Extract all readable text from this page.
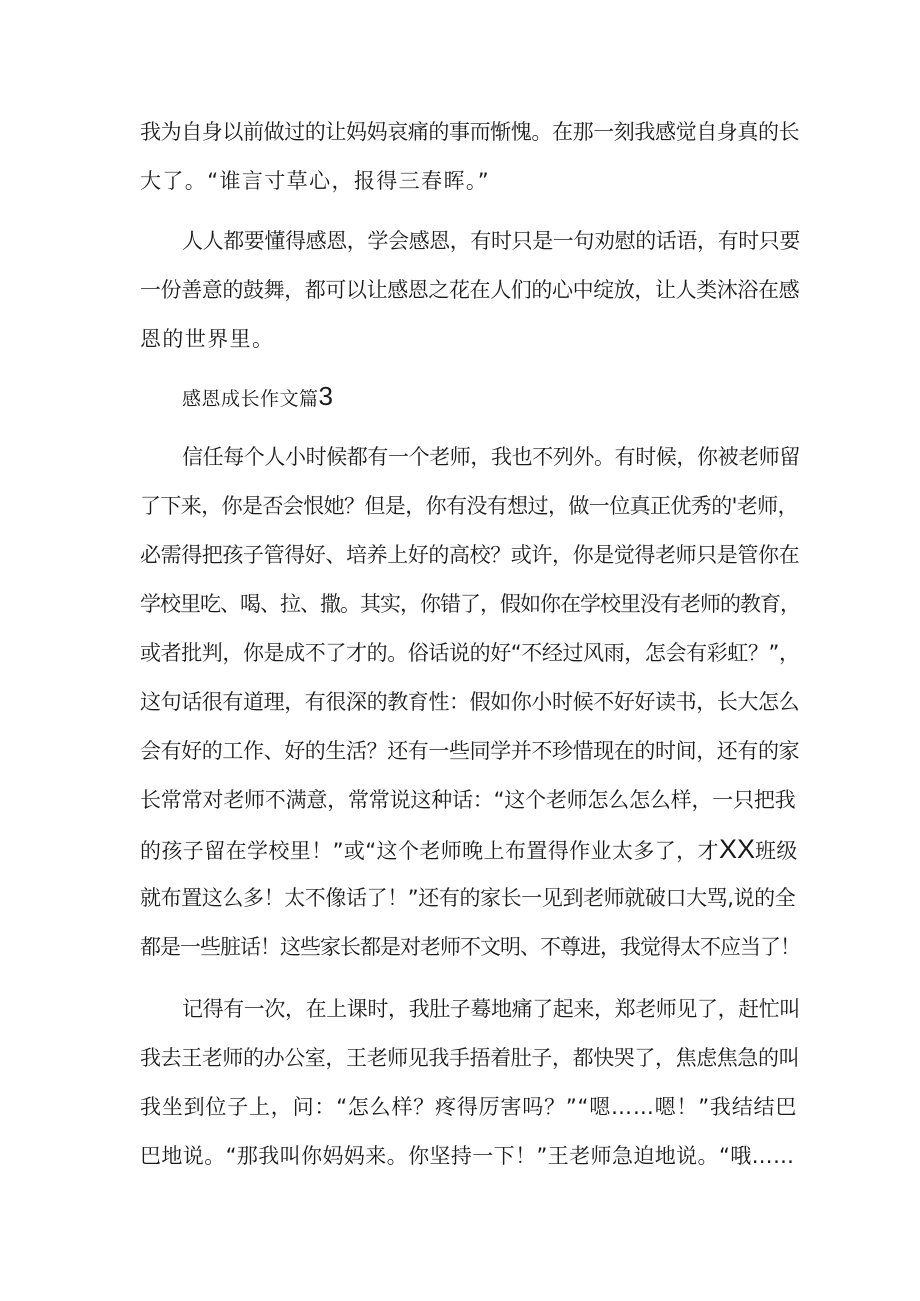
我为自身以前做过的让妈妈哀痛的事而惭愧。在那一刻我感觉自身真的长
大了。“谁言寸草心，报得三春晖。”
人人都要懂得感恩，学会感恩，有时只是一句劝慰的话语，有时只要
一份善意的鼓舞，都可以让感恩之花在人们的心中绽放，让人类沐浴在感
恩的世界里。
感恩成长作文篇3
信任每个人小时候都有一个老师，我也不列外。有时候，你被老师留
了下来，你是否会恨她？但是，你有没有想过，做一位真正优秀的'老师，
必需得把孩子管得好、培养上好的高校？或许，你是觉得老师只是管你在
学校里吃、喝、拉、撒。其实，你错了，假如你在学校里没有老师的教育，
或者批判，你是成不了才的。俗话说的好“不经过风雨，怎会有彩虹？”，
这句话很有道理，有很深的教育性：假如你小时候不好好读书，长大怎么
会有好的工作、好的生活？还有一些同学并不珍惜现在的时间，还有的家
长常常对老师不满意，常常说这种话：“这个老师怎么怎么样，一只把我
的孩子留在学校里！”或“这个老师晚上布置得作业太多了，才XX班级
就布置这么多！太不像话了！”还有的家长一见到老师就破口大骂,说的全
都是一些脏话！这些家长都是对老师不文明、不尊进，我觉得太不应当了！
记得有一次，在上课时，我肚子蓦地痛了起来，郑老师见了，赶忙叫
我去王老师的办公室，王老师见我手捂着肚子，都快哭了，焦虑焦急的叫
我坐到位子上，问：“怎么样？疼得厉害吗？”“嗯……嗯！”我结结巴
巴地说。“那我叫你妈妈来。你坚持一下！”王老师急迫地说。“哦……
